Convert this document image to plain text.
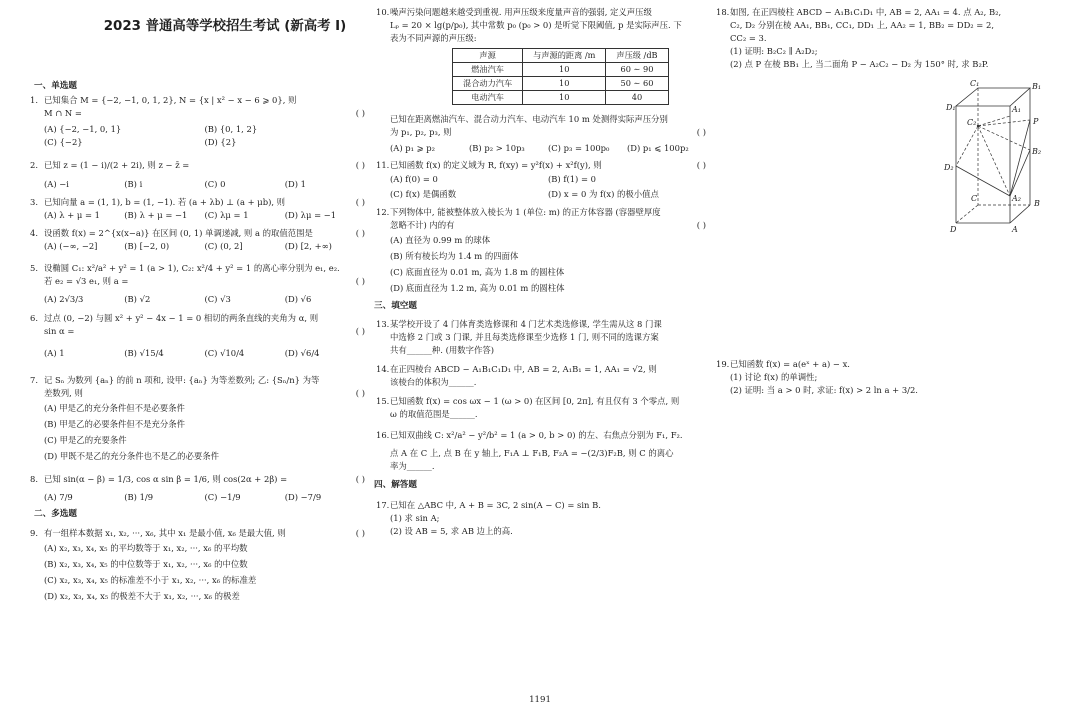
2023 普通高等学校招生考试 (新高考 I)
一、单选题
1. 已知集合 M = {−2, −1, 0, 1, 2}, N = {x | x² − x − 6 ⩾ 0}, 则
M ∩ N =	( )
(A) {−2, −1, 0, 1}	(B) {0, 1, 2}
(C) {−2}	(D) {2}
2. 已知 z = (1 − i)/(2 + 2i), 则 z − z̄ =	( )
(A) −i	(B) i	(C) 0	(D) 1
3. 已知向量 a = (1, 1), b = (1, −1). 若 (a + λb) ⊥ (a + μb), 则	( )
(A) λ + μ = 1	(B) λ + μ = −1	(C) λμ = 1	(D) λμ = −1
4. 设函数 f(x) = 2^{x(x−a)} 在区间 (0, 1) 单调递减, 则 a 的取值范围是	( )
(A) (−∞, −2]	(B) [−2, 0)	(C) (0, 2]	(D) [2, +∞)
5. 设椭圆 C₁: x²/a² + y² = 1 (a > 1), C₂: x²/4 + y² = 1 的离心率分别为 e₁, e₂.
若 e₂ = √3 e₁, 则 a =	( )
(A) 2√3/3	(B) √2	(C) √3	(D) √6
6. 过点 (0, −2) 与圆 x² + y² − 4x − 1 = 0 相切的两条直线的夹角为 α, 则
sin α =	( )
(A) 1	(B) √15/4	(C) √10/4	(D) √6/4
7. 记 Sₙ 为数列 {aₙ} 的前 n 项和, 设甲: {aₙ} 为等差数列; 乙: {Sₙ/n} 为等
差数列, 则	( )
(A) 甲是乙的充分条件但不是必要条件
(B) 甲是乙的必要条件但不是充分条件
(C) 甲是乙的充要条件
(D) 甲既不是乙的充分条件也不是乙的必要条件
8. 已知 sin(α − β) = 1/3, cos α sin β = 1/6, 则 cos(2α + 2β) =	( )
(A) 7/9	(B) 1/9	(C) −1/9	(D) −7/9
二、多选题
9. 有一组样本数据 x₁, x₂, ···, x₆, 其中 x₁ 是最小值, x₆ 是最大值, 则	( )
(A) x₂, x₃, x₄, x₅ 的平均数等于 x₁, x₂, ···, x₆ 的平均数
(B) x₂, x₃, x₄, x₅ 的中位数等于 x₁, x₂, ···, x₆ 的中位数
(C) x₂, x₃, x₄, x₅ 的标准差不小于 x₁, x₂, ···, x₆ 的标准差
(D) x₂, x₃, x₄, x₅ 的极差不大于 x₁, x₂, ···, x₆ 的极差
10. 噪声污染问题越来越受到重视. 用声压级来度量声音的强弱, 定义声压级
Lₚ = 20 × lg(p/p₀), 其中常数 p₀ (p₀ > 0) 是听觉下限阈值, p 是实际声压. 下
表为不同声源的声压级:
声源	与声源的距离 /m	声压级 /dB
燃油汽车	10	60 ∼ 90
混合动力汽车	10	50 ∼ 60
电动汽车	10	40
已知在距离燃油汽车、混合动力汽车、电动汽车 10 m 处测得实际声压分别
为 p₁, p₂, p₃, 则	( )
(A) p₁ ⩾ p₂	(B) p₂ > 10p₃	(C) p₃ = 100p₀	(D) p₁ ⩽ 100p₂
11. 已知函数 f(x) 的定义域为 R, f(xy) = y²f(x) + x²f(y), 则	( )
(A) f(0) = 0	(B) f(1) = 0
(C) f(x) 是偶函数	(D) x = 0 为 f(x) 的极小值点
12. 下列物体中, 能被整体放入棱长为 1 (单位: m) 的正方体容器 (容器壁厚度
忽略不计) 内的有	( )
(A) 直径为 0.99 m 的球体
(B) 所有棱长均为 1.4 m 的四面体
(C) 底面直径为 0.01 m, 高为 1.8 m 的圆柱体
(D) 底面直径为 1.2 m, 高为 0.01 m 的圆柱体
三、填空题
13. 某学校开设了 4 门体育类选修课和 4 门艺术类选修课, 学生需从这 8 门课
中选修 2 门或 3 门课, 并且每类选修课至少选修 1 门, 则不同的选课方案
共有______种. (用数字作答)
14. 在正四棱台 ABCD − A₁B₁C₁D₁ 中, AB = 2, A₁B₁ = 1, AA₁ = √2, 则
该棱台的体积为______.
15. 已知函数 f(x) = cos ωx − 1 (ω > 0) 在区间 [0, 2π], 有且仅有 3 个零点, 则
ω 的取值范围是______.
16. 已知双曲线 C: x²/a² − y²/b² = 1 (a > 0, b > 0) 的左、右焦点分别为 F₁, F₂.
点 A 在 C 上, 点 B 在 y 轴上, F₁A ⊥ F₁B, F₂A = −(2/3)F₂B, 则 C 的离心
率为______.
四、解答题
17. 已知在 △ABC 中, A + B = 3C, 2 sin(A − C) = sin B.
(1) 求 sin A;
(2) 设 AB = 5, 求 AB 边上的高.
18. 如图, 在正四棱柱 ABCD − A₁B₁C₁D₁ 中, AB = 2, AA₁ = 4. 点 A₂, B₂,
C₂, D₂ 分别在棱 AA₁, BB₁, CC₁, DD₁ 上, AA₂ = 1, BB₂ = DD₂ = 2,
CC₂ = 3.
(1) 证明: B₂C₂ ∥ A₂D₂;
(2) 点 P 在棱 BB₁ 上, 当二面角 P − A₂C₂ − D₂ 为 150° 时, 求 B₂P.
19. 已知函数 f(x) = a(eˣ + a) − x.
(1) 讨论 f(x) 的单调性;
(2) 证明: 当 a > 0 时, 求证: f(x) > 2 ln a + 3/2.
C₁	B₁
D₁	A₁
C₂	P
B₂
D₂
C	A₂
B
D	A
1191
